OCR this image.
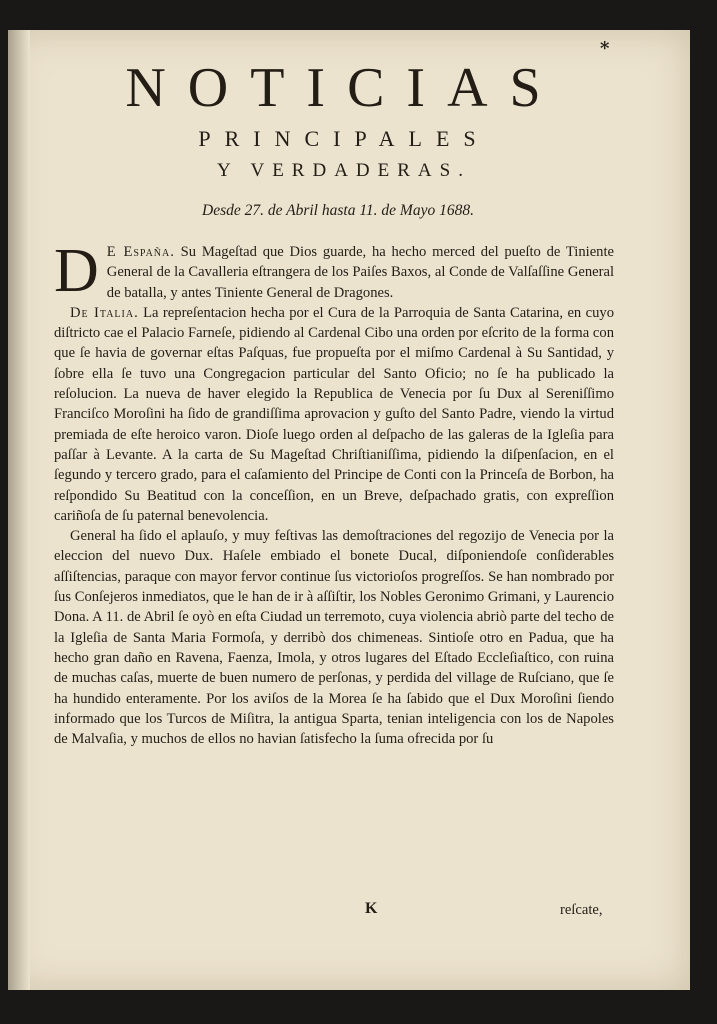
*
NOTICIAS
PRINCIPALES
Y VERDADERAS.
Desde 27. de Abril hasta 11. de Mayo 1688.

D E España. Su Mageſtad que Dios guarde, ha hecho merced del pueſto de Tiniente General de la Cavalleria eſtrangera de los Paiſes Baxos, al Conde de Valſaſſine General de batalla, y antes Tiniente General de Dragones.

De Italia. La repreſentacion hecha por el Cura de la Parroquia de Santa Catarina, en cuyo diſtricto cae el Palacio Farneſe, pidiendo al Cardenal Cibo una orden por eſcrito de la forma con que ſe havia de governar eſtas Paſquas, fue propueſta por el miſmo Cardenal à Su Santidad, y ſobre ella ſe tuvo una Congregacion particular del Santo Oficio; no ſe ha publicado la reſolucion. La nueva de haver elegido la Republica de Venecia por ſu Dux al Sereniſſimo Franciſco Moroſini ha ſido de grandiſſima aprovacion y guſto del Santo Padre, viendo la virtud premiada de eſte heroico varon. Dioſe luego orden al deſpacho de las galeras de la Igleſia para paſſar à Levante. A la carta de Su Mageſtad Chriſtianiſſima, pidiendo la diſpenſacion, en el ſegundo y tercero grado, para el caſamiento del Principe de Conti con la Princeſa de Borbon, ha reſpondido Su Beatitud con la conceſſion, en un Breve, deſpachado gratis, con expreſſion cariñoſa de ſu paternal benevolencia.

General ha ſido el aplauſo, y muy feſtivas las demoſtraciones del regozijo de Venecia por la eleccion del nuevo Dux. Haſele embiado el bonete Ducal, diſponiendoſe conſiderables aſſiſtencias, paraque con mayor fervor continue ſus victorioſos progreſſos. Se han nombrado por ſus Conſejeros inmediatos, que le han de ir à aſſiſtir, los Nobles Geronimo Grimani, y Laurencio Dona. A 11. de Abril ſe oyò en eſta Ciudad un terremoto, cuya violencia abriò parte del techo de la Igleſia de Santa Maria Formoſa, y derribò dos chimeneas. Sintioſe otro en Padua, que ha hecho gran daño en Ravena, Faenza, Imola, y otros lugares del Eſtado Eccleſiaſtico, con ruina de muchas caſas, muerte de buen numero de perſonas, y perdida del village de Ruſciano, que ſe ha hundido enteramente. Por los aviſos de la Morea ſe ha ſabido que el Dux Moroſini ſiendo informado que los Turcos de Miſitra, la antigua Sparta, tenian inteligencia con los de Napoles de Malvaſia, y muchos de ellos no havian ſatisfecho la ſuma ofrecida por ſu

K	reſcate,
